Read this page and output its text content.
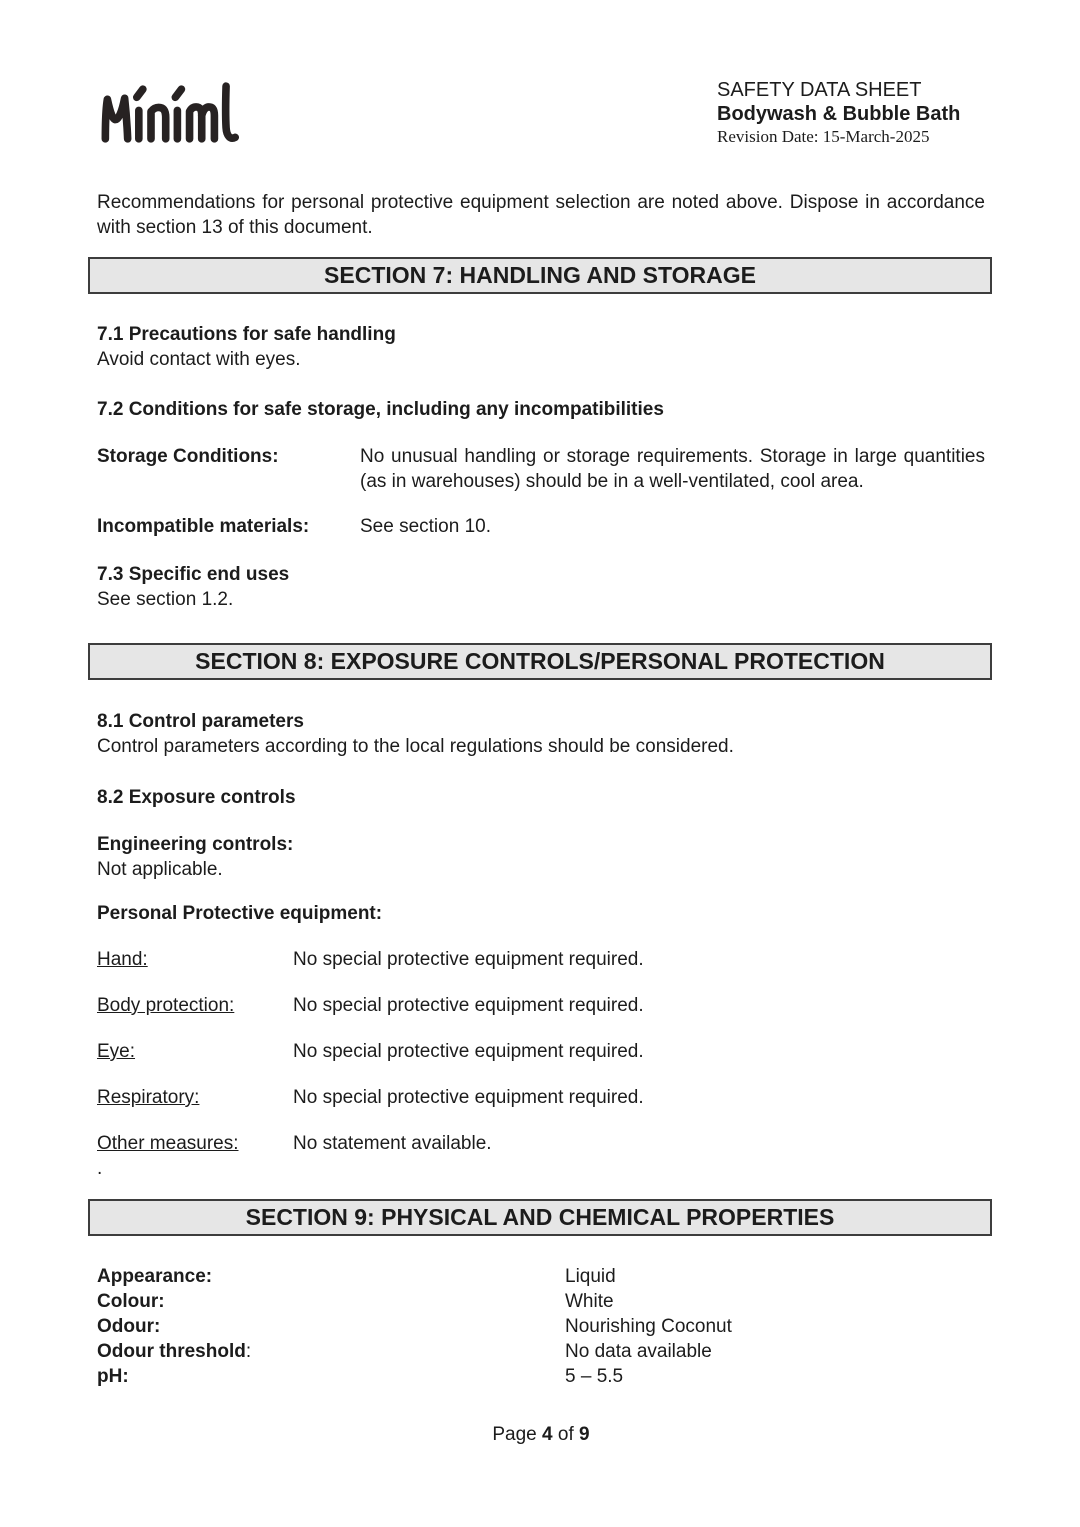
SAFETY DATA SHEET
Bodywash & Bubble Bath
Revision Date: 15-March-2025

Recommendations for personal protective equipment selection are noted above. Dispose in accordance with section 13 of this document.

SECTION 7: HANDLING AND STORAGE

7.1 Precautions for safe handling

Avoid contact with eyes.

7.2 Conditions for safe storage, including any incompatibilities

Storage Conditions:	No unusual handling or storage requirements. Storage in large quantities (as in warehouses) should be in a well-ventilated, cool area.
Incompatible materials:	See section 10.

7.3 Specific end uses

See section 1.2.

SECTION 8: EXPOSURE CONTROLS/PERSONAL PROTECTION

8.1 Control parameters

Control parameters according to the local regulations should be considered.

8.2 Exposure controls

Engineering controls:

Not applicable.

Personal Protective equipment:

Hand:	No special protective equipment required.
Body protection:	No special protective equipment required.
Eye:	No special protective equipment required.
Respiratory:	No special protective equipment required.
Other measures:	No statement available.

.

SECTION 9: PHYSICAL AND CHEMICAL PROPERTIES
Appearance:	Liquid
Colour:	White
Odour:	Nourishing Coconut
Odour threshold:	No data available
pH:	5 – 5.5
Page 4 of 9
